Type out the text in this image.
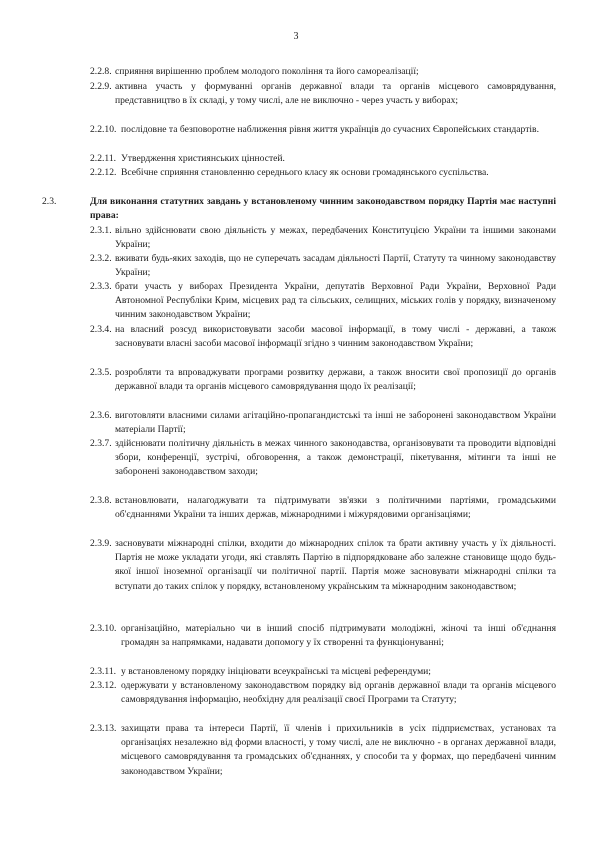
3
2.2.8. сприяння вирішенню проблем молодого покоління та його самореалізації;
2.2.9. активна участь у формуванні органів державної влади та органів місцевого самоврядування, представництво в їх складі, у тому числі, але не виключно - через участь у виборах;
2.2.10. послідовне та безповоротне наближення рівня життя українців до сучасних Європейських стандартів.
2.2.11. Утвердження християнських цінностей.
2.2.12. Всебічне сприяння становленню середнього класу як основи громадянського суспільства.
2.3.	Для виконання статутних завдань у встановленому чинним законодавством порядку Партія має наступні права:
2.3.1. вільно здійснювати свою діяльність у межах, передбачених Конституцією України та іншими законами України;
2.3.2. вживати будь-яких заходів, що не суперечать засадам діяльності Партії, Статуту та чинному законодавству України;
2.3.3. брати участь у виборах Президента України, депутатів Верховної Ради України, Верховної Ради Автономної Республіки Крим, місцевих рад та сільських, селищних, міських голів у порядку, визначеному чинним законодавством України;
2.3.4. на власний розсуд використовувати засоби масової інформації, в тому числі - державні, а також засновувати власні засоби масової інформації згідно з чинним законодавством України;
2.3.5. розробляти та впроваджувати програми розвитку держави, а також вносити свої пропозиції до органів державної влади та органів місцевого самоврядування щодо їх реалізації;
2.3.6. виготовляти власними силами агітаційно-пропагандистські та інші не заборонені законодавством України матеріали Партії;
2.3.7. здійснювати політичну діяльність в межах чинного законодавства, організовувати та проводити відповідні збори, конференції, зустрічі, обговорення, а також демонстрації, пікетування, мітинги та інші не заборонені законодавством заходи;
2.3.8. встановлювати, налагоджувати та підтримувати зв'язки з політичними партіями, громадськими об'єднаннями України та інших держав, міжнародними і міжурядовими організаціями;
2.3.9. засновувати міжнародні спілки, входити до міжнародних спілок та брати активну участь у їх діяльності. Партія не може укладати угоди, які ставлять Партію в підпорядковане або залежне становище щодо будь-якої іншої іноземної організації чи політичної партії. Партія може засновувати міжнародні спілки та вступати до таких спілок у порядку, встановленому українським та міжнародним законодавством;
2.3.10. організаційно, матеріально чи в інший спосіб підтримувати молодіжні, жіночі та інші об'єднання громадян за напрямками, надавати допомогу у їх створенні та функціонуванні;
2.3.11. у встановленому порядку ініціювати всеукраїнські та місцеві референдуми;
2.3.12. одержувати у встановленому законодавством порядку від органів державної влади та органів місцевого самоврядування інформацію, необхідну для реалізації своєї Програми та Статуту;
2.3.13. захищати права та інтереси Партії, її членів і прихильників в усіх підприємствах, установах та організаціях незалежно від форми власності, у тому числі, але не виключно - в органах державної влади, місцевого самоврядування та громадських об'єднаннях, у способи та у формах, що передбачені чинним законодавством України;
